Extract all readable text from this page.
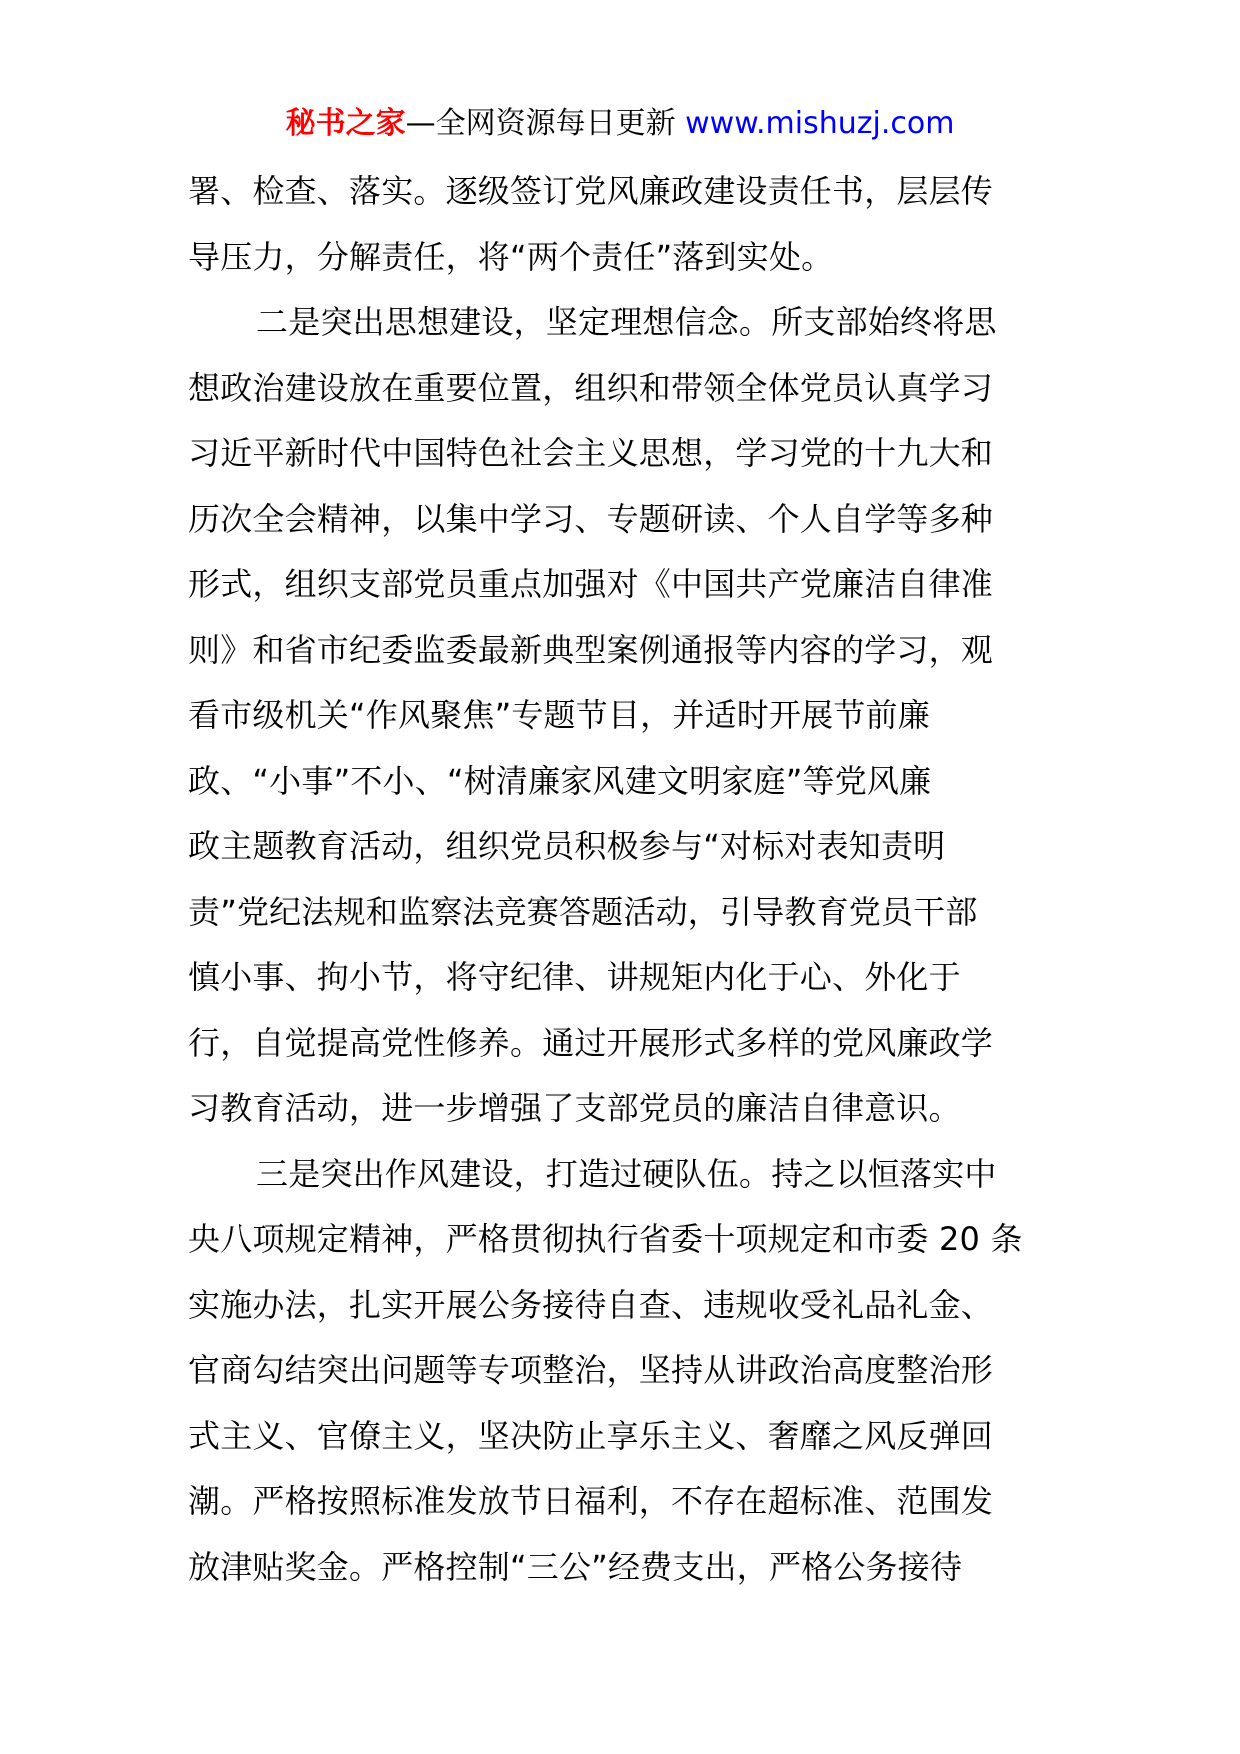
秘书之家—全网资源每日更新 www.mishuzj.com
署、检查、落实。逐级签订党风廉政建设责任书，层层传
导压力，分解责任，将“两个责任”落到实处。
二是突出思想建设，坚定理想信念。所支部始终将思
想政治建设放在重要位置，组织和带领全体党员认真学习
习近平新时代中国特色社会主义思想，学习党的十九大和
历次全会精神，以集中学习、专题研读、个人自学等多种
形式，组织支部党员重点加强对《中国共产党廉洁自律准
则》和省市纪委监委最新典型案例通报等内容的学习，观
看市级机关“作风聚焦”专题节目，并适时开展节前廉
政、“小事”不小、“树清廉家风建文明家庭”等党风廉
政主题教育活动，组织党员积极参与“对标对表知责明
责”党纪法规和监察法竞赛答题活动，引导教育党员干部
慎小事、拘小节，将守纪律、讲规矩内化于心、外化于
行，自觉提高党性修养。通过开展形式多样的党风廉政学
习教育活动，进一步增强了支部党员的廉洁自律意识。
三是突出作风建设，打造过硬队伍。持之以恒落实中
央八项规定精神，严格贯彻执行省委十项规定和市委 20 条
实施办法，扎实开展公务接待自查、违规收受礼品礼金、
官商勾结突出问题等专项整治，坚持从讲政治高度整治形
式主义、官僚主义，坚决防止享乐主义、奢靡之风反弹回
潮。严格按照标准发放节日福利，不存在超标准、范围发
放津贴奖金。严格控制“三公”经费支出，严格公务接待
